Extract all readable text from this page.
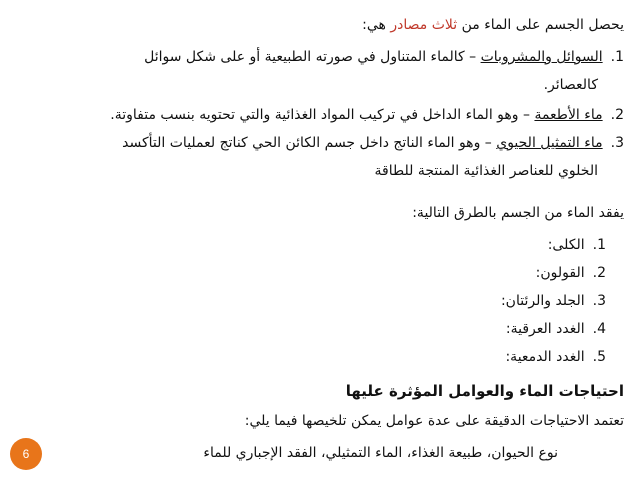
يحصل الجسم على الماء من ثلاث مصادر هي:
1.السوائل والمشروبات – كالماء المتناول في صورته الطبيعية أو على شكل سوائل
كالعصائر.
2.ماء الأطعمة – وهو الماء الداخل في تركيب المواد الغذائية والتي تحتويه بنسب متفاوتة.
3.ماء التمثيل الحيوي – وهو الماء الناتج داخل جسم الكائن الحي كناتج لعمليات التأكسد
الخلوي للعناصر الغذائية المنتجة للطاقة
يفقد الماء من الجسم بالطرق التالية:
1.الكلى:
2.القولون:
3.الجلد والرئتان:
4.الغدد العرقية:
5.الغدد الدمعية:
احتياجات الماء والعوامل المؤثرة عليها
تعتمد الاحتياجات الدقيقة على عدة عوامل يمكن تلخيصها فيما يلي:
نوع الحيوان، طبيعة الغذاء، الماء التمثيلي، الفقد الإجباري للماء
6
